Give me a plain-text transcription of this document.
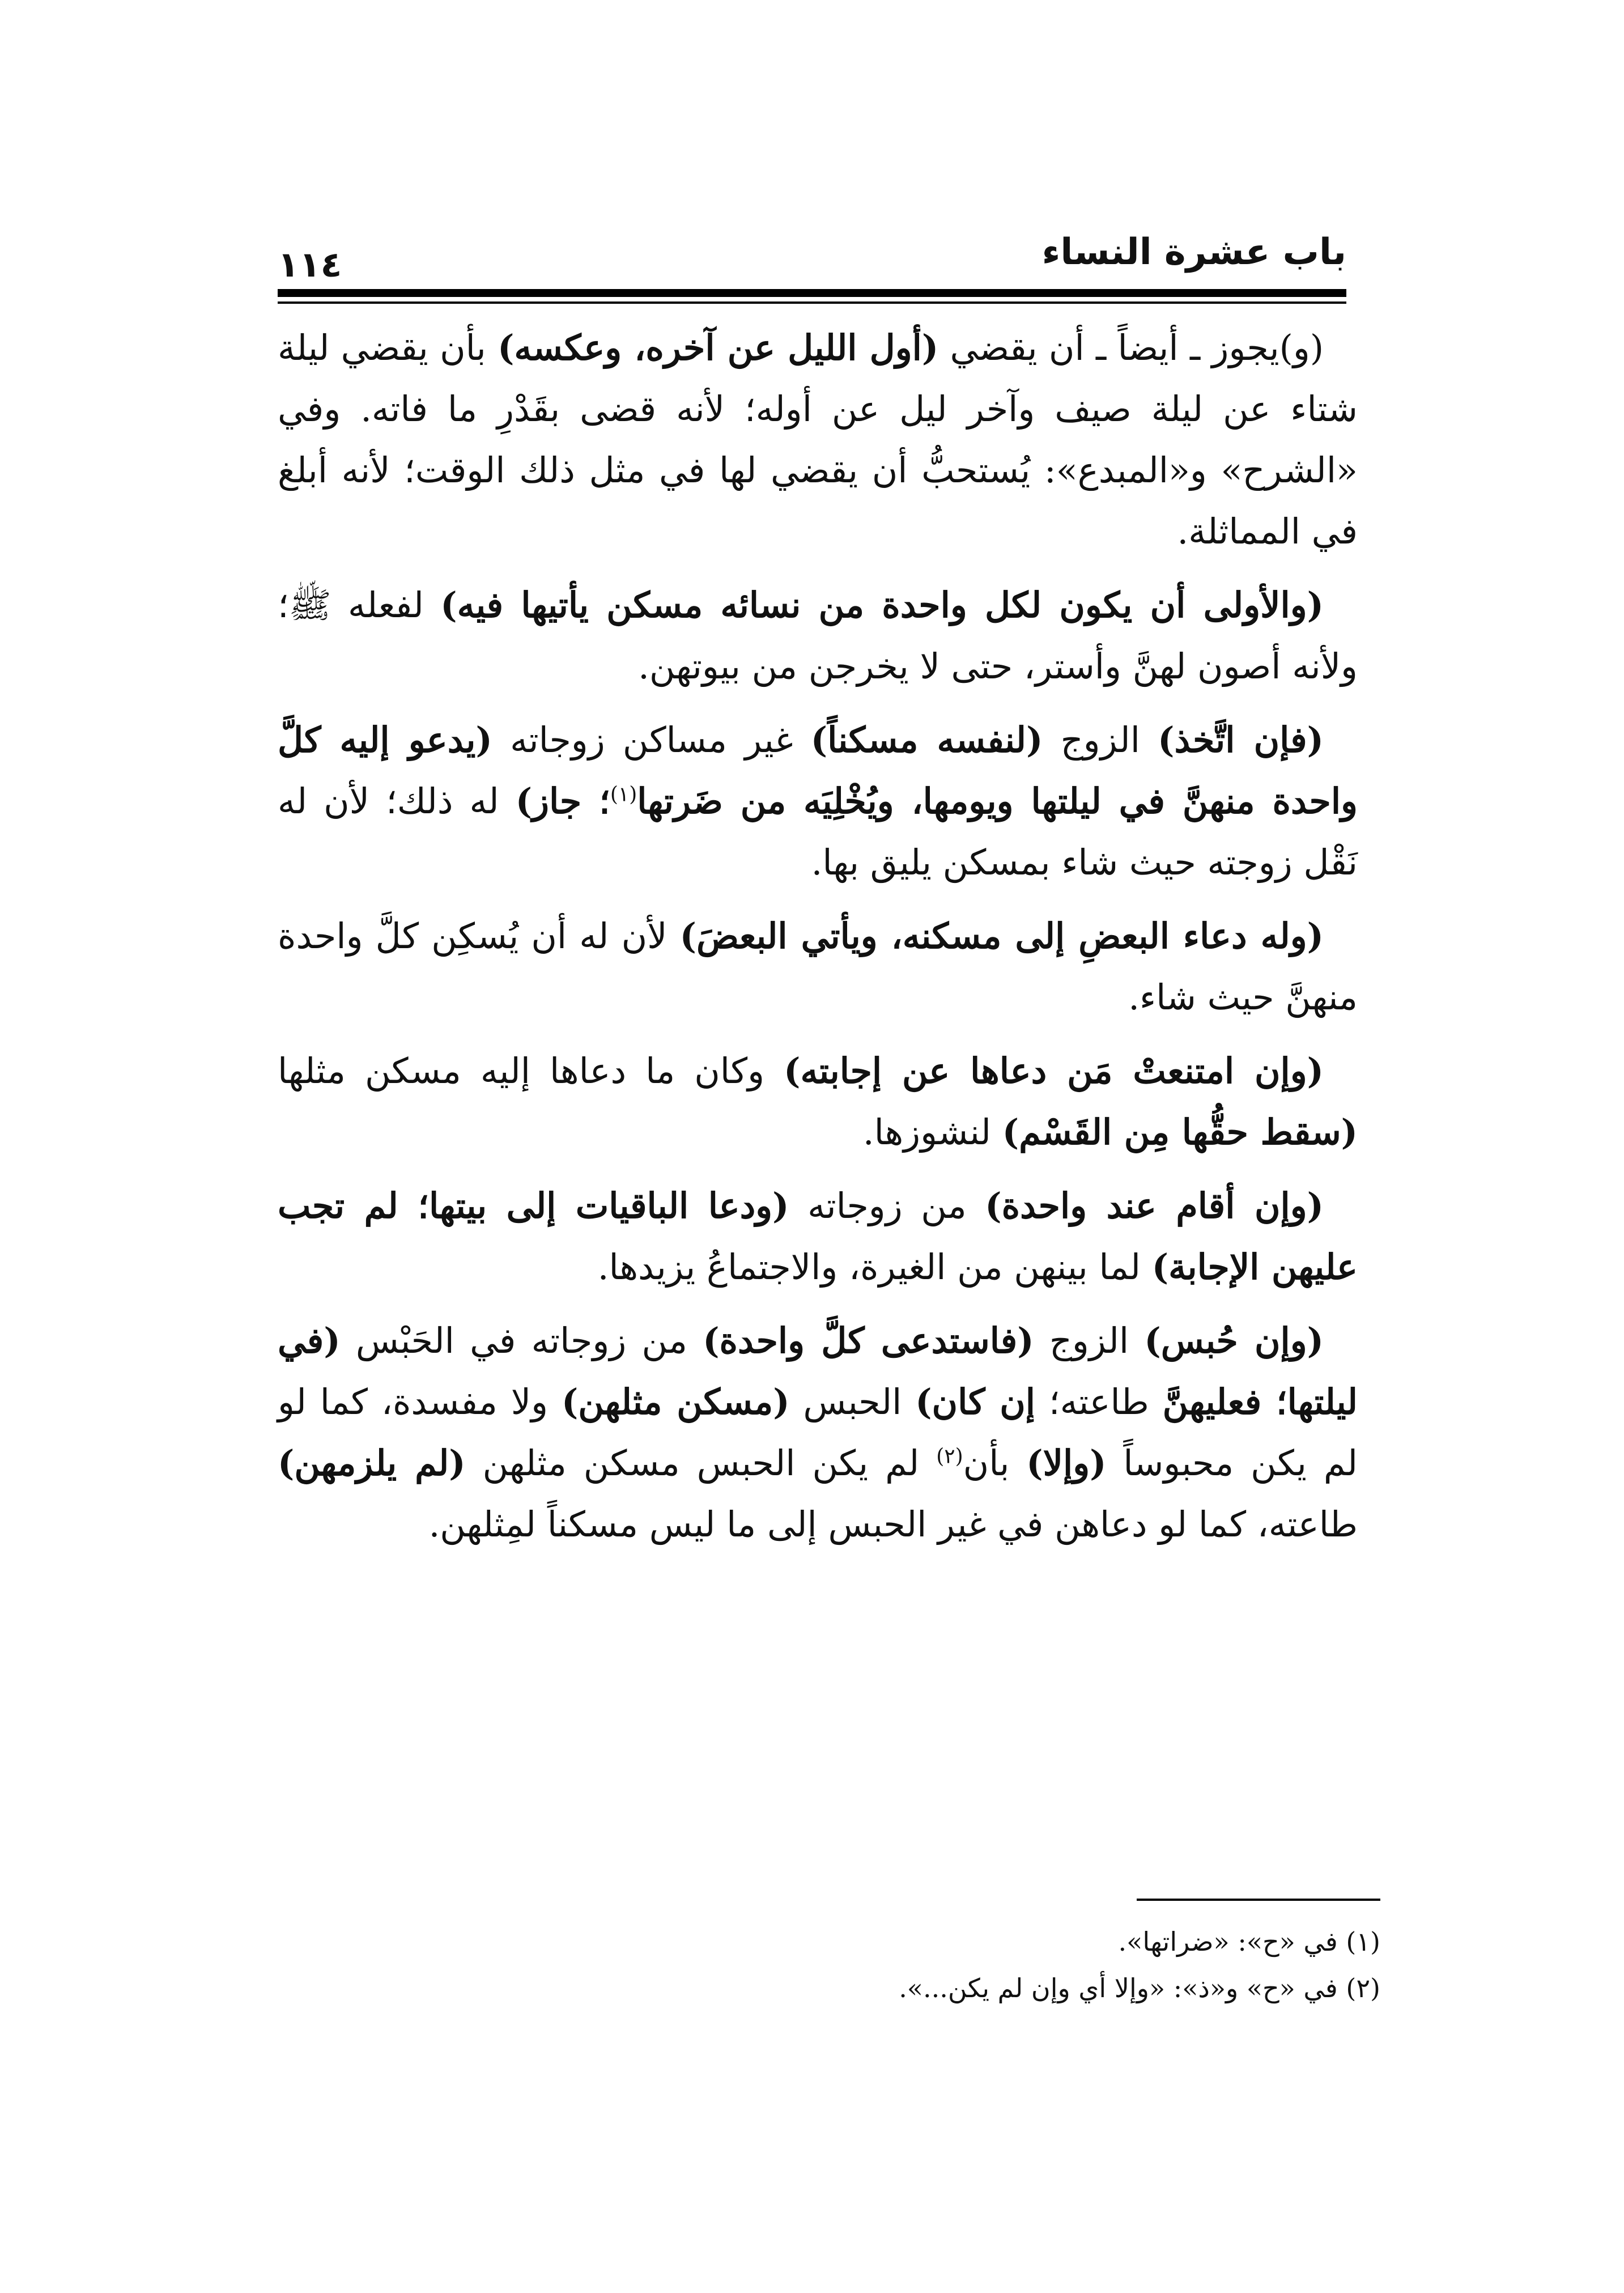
باب عشرة النساء
١١٤

(و)يجوز ـ أيضاً ـ أن يقضي (أول الليل عن آخره، وعكسه) بأن يقضي ليلة شتاء عن ليلة صيف وآخر ليل عن أوله؛ لأنه قضى بقَدْرِ ما فاته. وفي «الشرح» و«المبدع»: يُستحبُّ أن يقضي لها في مثل ذلك الوقت؛ لأنه أبلغ في المماثلة.

(والأولى أن يكون لكل واحدة من نسائه مسكن يأتيها فيه) لفعله ﷺ؛ ولأنه أصون لهنَّ وأستر، حتى لا يخرجن من بيوتهن.

(فإن اتَّخذ) الزوج (لنفسه مسكناً) غير مساكن زوجاته (يدعو إليه كلَّ واحدة منهنَّ في ليلتها ويومها، ويُخْلِيَه من ضَرتها$^{(١)}$؛ جاز) له ذلك؛ لأن له نَقْل زوجته حيث شاء بمسكن يليق بها.

(وله دعاء البعضِ إلى مسكنه، ويأتي البعضَ) لأن له أن يُسكِن كلَّ واحدة منهنَّ حيث شاء.

(وإن امتنعتْ مَن دعاها عن إجابته) وكان ما دعاها إليه مسكن مثلها (سقط حقُّها مِن القَسْم) لنشوزها.

(وإن أقام عند واحدة) من زوجاته (ودعا الباقيات إلى بيتها؛ لم تجب عليهن الإجابة) لما بينهن من الغيرة، والاجتماعُ يزيدها.

(وإن حُبس) الزوج (فاستدعى كلَّ واحدة) من زوجاته في الحَبْس (في ليلتها؛ فعليهنَّ طاعته؛ إن كان) الحبس (مسكن مثلهن) ولا مفسدة، كما لو لم يكن محبوساً (وإلا) بأن$^{(٢)}$ لم يكن الحبس مسكن مثلهن (لم يلزمهن) طاعته، كما لو دعاهن في غير الحبس إلى ما ليس مسكناً لمِثلهن.

(١) في «ح»: «ضراتها».

(٢) في «ح» و«ذ»: «وإلا أي وإن لم يكن...».
